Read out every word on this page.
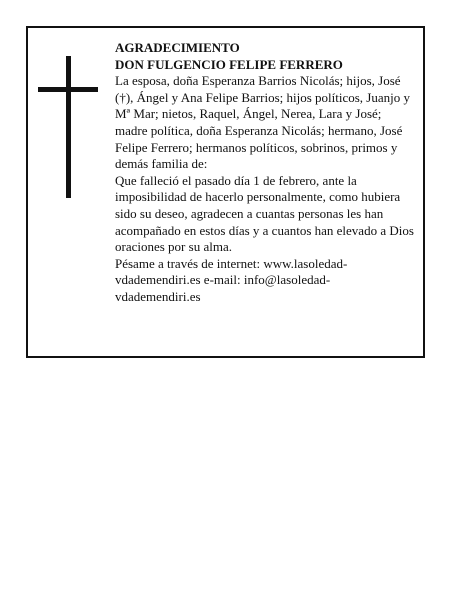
AGRADECIMIENTO

DON FULGENCIO FELIPE FERRERO

La esposa, doña Esperanza Barrios Nicolás; hijos, José (†), Ángel y Ana Felipe Barrios; hijos políticos, Juanjo y Mª Mar; nietos, Raquel, Ángel, Nerea, Lara y José; madre política, doña Esperanza Nicolás; hermano, José Felipe Ferrero; hermanos políticos, sobrinos, primos y demás familia de:

Que falleció el pasado día 1 de febrero, ante la imposibilidad de hacerlo personalmente, como hubiera sido su deseo, agradecen a cuantas personas les han acompañado en estos días y a cuantos han elevado a Dios oraciones por su alma.

Pésame a través de internet: www.lasoledad-vdademendiri.es e-mail: info@lasoledad-vdademendiri.es
